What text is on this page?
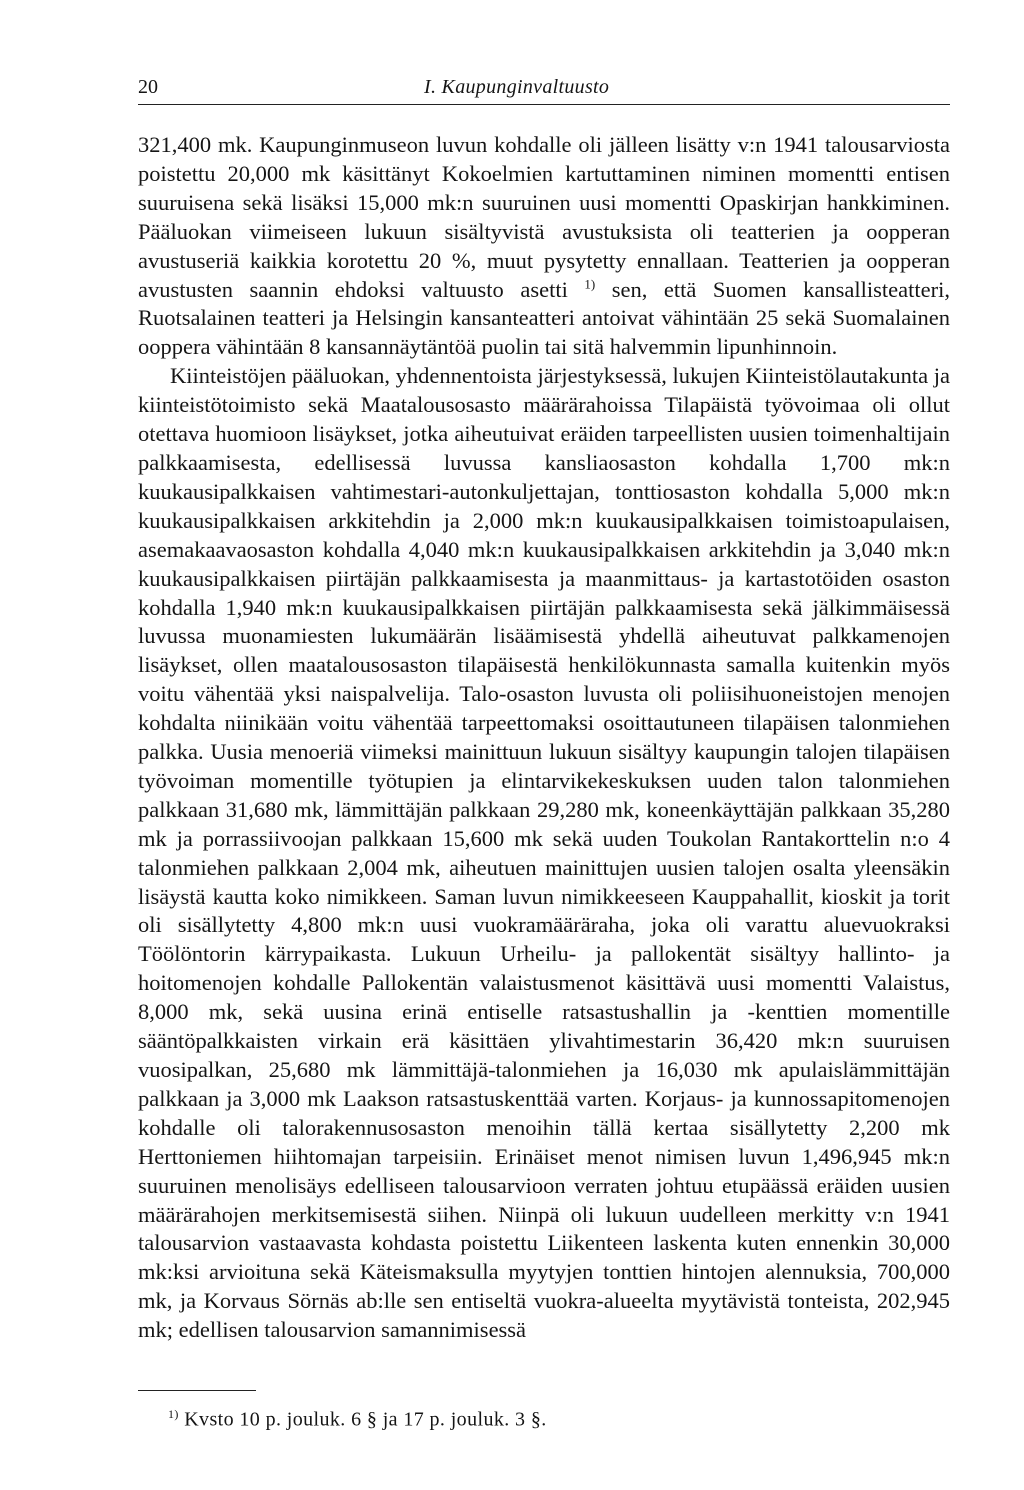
20	I. Kaupunginvaltuusto

321,400 mk. Kaupunginmuseon luvun kohdalle oli jälleen lisätty v:n 1941 talousarviosta poistettu 20,000 mk käsittänyt Kokoelmien kartuttaminen niminen momentti entisen suuruisena sekä lisäksi 15,000 mk:n suuruinen uusi momentti Opaskirjan hankkiminen. Pääluokan viimeiseen lukuun sisältyvistä avustuksista oli teatterien ja oopperan avustuseriä kaikkia korotettu 20 %, muut pysytetty ennallaan. Teatterien ja oopperan avustusten saannin ehdoksi valtuusto asetti $^{1)}$ sen, että Suomen kansallisteatteri, Ruotsalainen teatteri ja Helsingin kansanteatteri antoivat vähintään 25 sekä Suomalainen ooppera vähintään 8 kansannäytäntöä puolin tai sitä halvemmin lipunhinnoin.

Kiinteistöjen pääluokan, yhdennentoista järjestyksessä, lukujen Kiinteistölautakunta ja kiinteistötoimisto sekä Maatalousosasto määrärahoissa Tilapäistä työvoimaa oli ollut otettava huomioon lisäykset, jotka aiheutuivat eräiden tarpeellisten uusien toimenhaltijain palkkaamisesta, edellisessä luvussa kansliaosaston kohdalla 1,700 mk:n kuukausipalkkaisen vahtimestari-autonkuljettajan, tonttiosaston kohdalla 5,000 mk:n kuukausipalkkaisen arkkitehdin ja 2,000 mk:n kuukausipalkkaisen toimistoapulaisen, asemakaavaosaston kohdalla 4,040 mk:n kuukausipalkkaisen arkkitehdin ja 3,040 mk:n kuukausipalkkaisen piirtäjän palkkaamisesta ja maanmittaus- ja kartastotöiden osaston kohdalla 1,940 mk:n kuukausipalkkaisen piirtäjän palkkaamisesta sekä jälkimmäisessä luvussa muonamiesten lukumäärän lisäämisestä yhdellä aiheutuvat palkkamenojen lisäykset, ollen maatalousosaston tilapäisestä henkilökunnasta samalla kuitenkin myös voitu vähentää yksi naispalvelija. Talo-osaston luvusta oli poliisihuoneistojen menojen kohdalta niinikään voitu vähentää tarpeettomaksi osoittautuneen tilapäisen talonmiehen palkka. Uusia menoeriä viimeksi mainittuun lukuun sisältyy kaupungin talojen tilapäisen työvoiman momentille työtupien ja elintarvikekeskuksen uuden talon talonmiehen palkkaan 31,680 mk, lämmittäjän palkkaan 29,280 mk, koneenkäyttäjän palkkaan 35,280 mk ja porrassiivoojan palkkaan 15,600 mk sekä uuden Toukolan Rantakorttelin n:o 4 talonmiehen palkkaan 2,004 mk, aiheutuen mainittujen uusien talojen osalta yleensäkin lisäystä kautta koko nimikkeen. Saman luvun nimikkeeseen Kauppahallit, kioskit ja torit oli sisällytetty 4,800 mk:n uusi vuokramääräraha, joka oli varattu aluevuokraksi Töölöntorin kärrypaikasta. Lukuun Urheilu- ja pallokentät sisältyy hallinto- ja hoitomenojen kohdalle Pallokentän valaistusmenot käsittävä uusi momentti Valaistus, 8,000 mk, sekä uusina erinä entiselle ratsastushallin ja -kenttien momentille sääntöpalkkaisten virkain erä käsittäen ylivahtimestarin 36,420 mk:n suuruisen vuosipalkan, 25,680 mk lämmittäjä-talonmiehen ja 16,030 mk apulaislämmittäjän palkkaan ja 3,000 mk Laakson ratsastuskenttää varten. Korjaus- ja kunnossapitomenojen kohdalle oli talorakennusosaston menoihin tällä kertaa sisällytetty 2,200 mk Herttoniemen hiihtomajan tarpeisiin. Erinäiset menot nimisen luvun 1,496,945 mk:n suuruinen menolisäys edelliseen talousarvioon verraten johtuu etupäässä eräiden uusien määrärahojen merkitsemisestä siihen. Niinpä oli lukuun uudelleen merkitty v:n 1941 talousarvion vastaavasta kohdasta poistettu Liikenteen laskenta kuten ennenkin 30,000 mk:ksi arvioituna sekä Käteismaksulla myytyjen tonttien hintojen alennuksia, 700,000 mk, ja Korvaus Sörnäs ab:lle sen entiseltä vuokra-alueelta myytävistä tonteista, 202,945 mk; edellisen talousarvion samannimisessä

$^{1)}$ Kvsto 10 p. jouluk. 6 § ja 17 p. jouluk. 3 §.
